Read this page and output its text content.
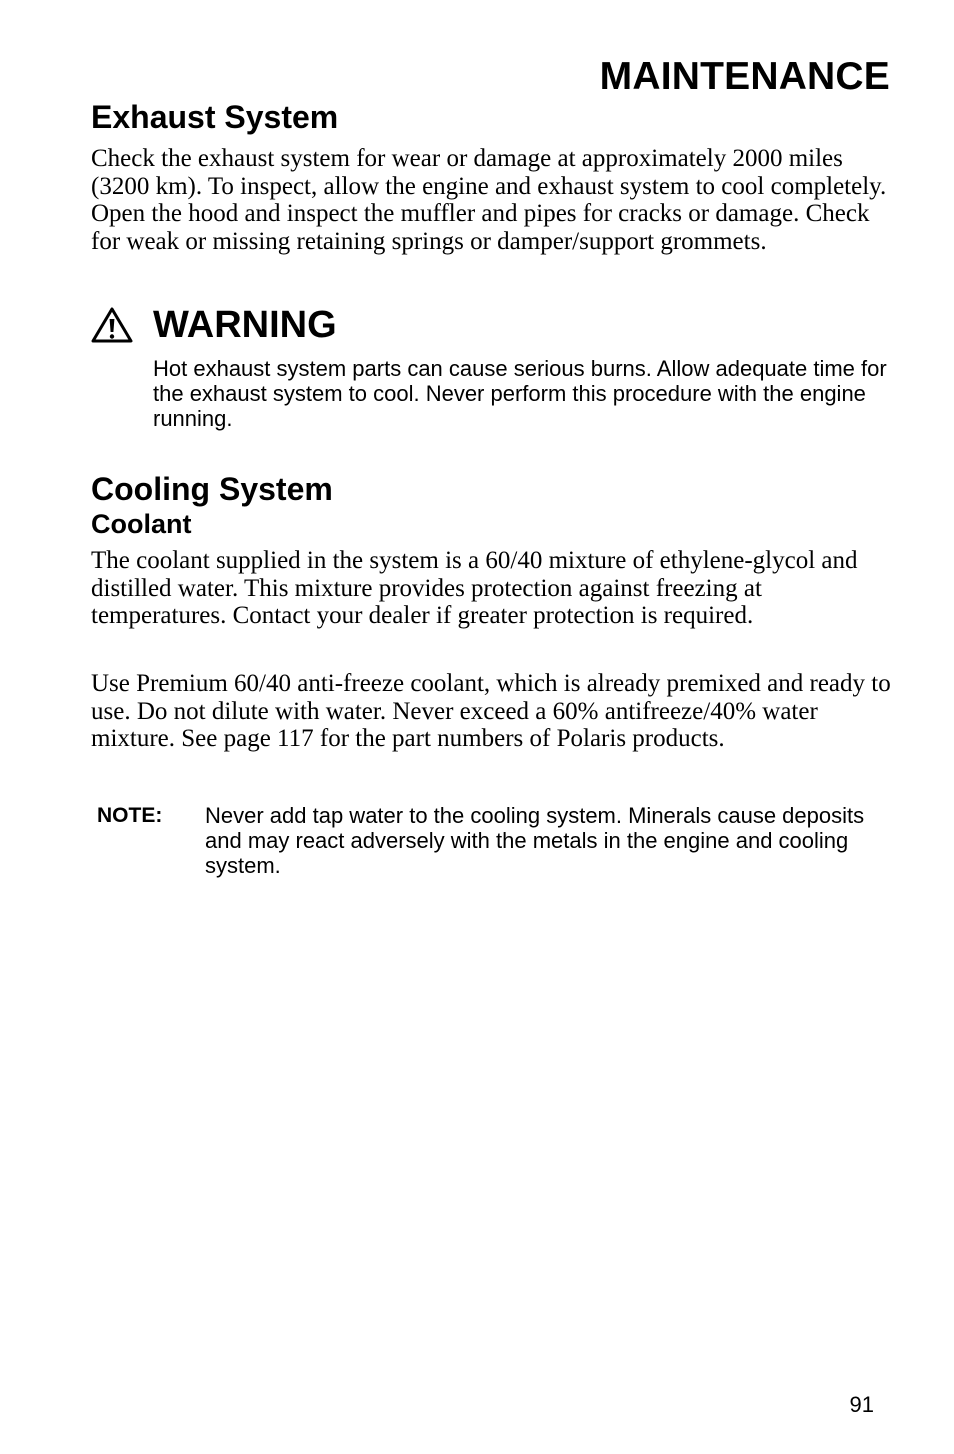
MAINTENANCE
Exhaust System

Check the exhaust system for wear or damage at approximately 2000 miles (3200 km). To inspect, allow the engine and exhaust system to cool completely. Open the hood and inspect the muffler and pipes for cracks or damage. Check for weak or missing retaining springs or damper/support grommets.

WARNING

Hot exhaust system parts can cause serious burns. Allow adequate time for the exhaust system to cool. Never perform this procedure with the engine running.

Cooling System
Coolant

The coolant supplied in the system is a 60/40 mixture of ethylene-glycol and distilled water. This mixture provides protection against freezing at temperatures. Contact your dealer if greater protection is required.

Use Premium 60/40 anti-freeze coolant, which is already premixed and ready to use. Do not dilute with water. Never exceed a 60% antifreeze/40% water mixture. See page 117 for the part numbers of Polaris products.

NOTE:	Never add tap water to the cooling system. Minerals cause deposits and may react adversely with the metals in the engine and cooling system.

91
